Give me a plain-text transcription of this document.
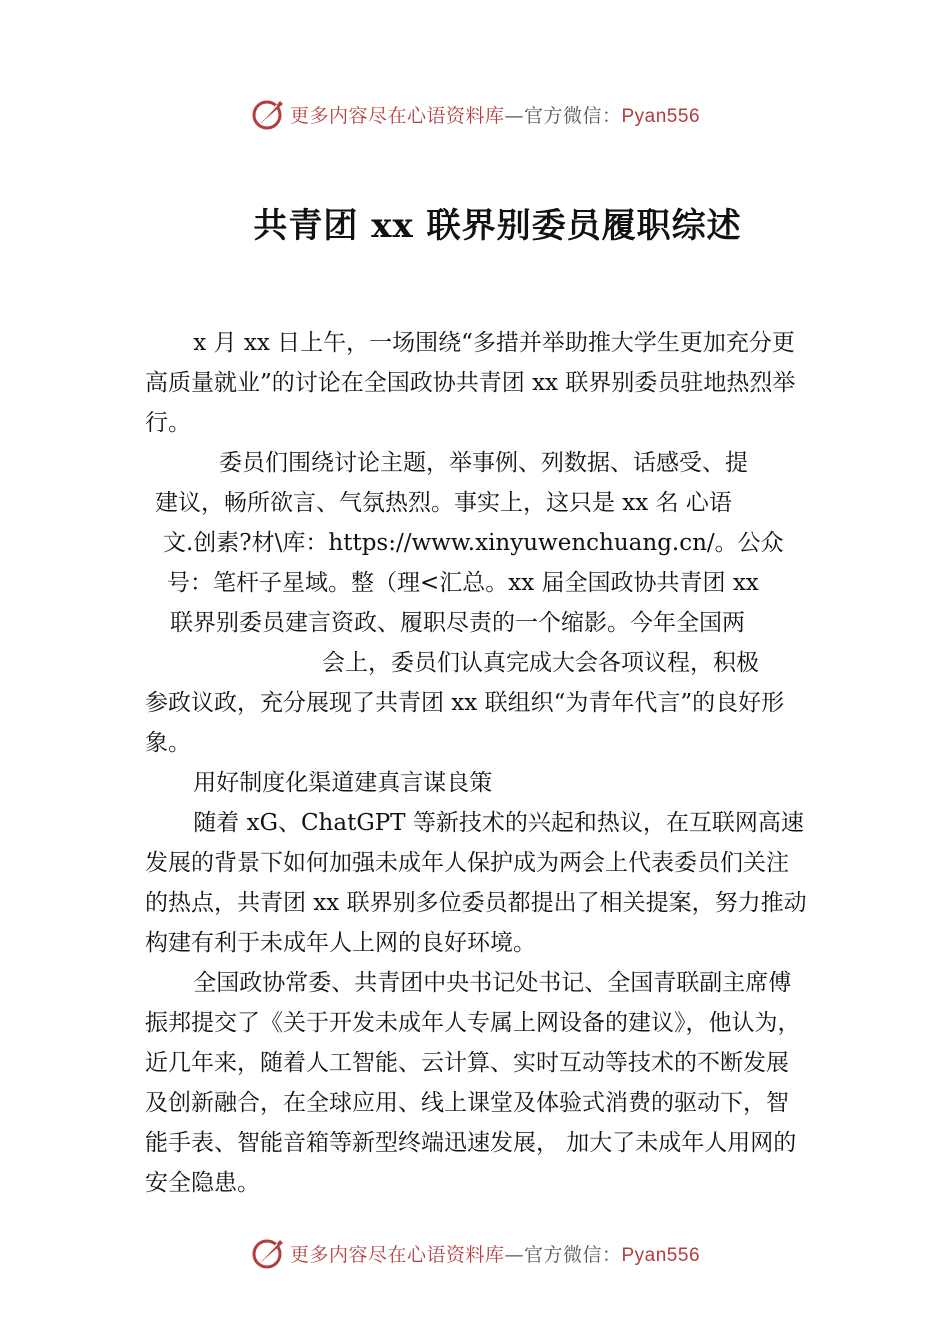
更多内容尽在心语资料库—官方微信：Pyan556
共青团 xx 联界别委员履职综述

x 月 xx 日上午，一场围绕“多措并举助推大学生更加充分更高质量就业”的讨论在全国政协共青团 xx 联界别委员驻地热烈举行。

委员们围绕讨论主题，举事例、列数据、话感受、提
建议，畅所欲言、气氛热烈。事实上，这只是 xx 名 心语
文.创素?材\库：https://www.xinyuwenchuang.cn/。公众
号：笔杆子星域。整（理<汇总。xx 届全国政协共青团 xx
联界别委员建言资政、履职尽责的一个缩影。今年全国两
会上，委员们认真完成大会各项议程，积极

参政议政，充分展现了共青团 xx 联组织“为青年代言”的良好形象。

用好制度化渠道建真言谋良策

随着 xG、ChatGPT 等新技术的兴起和热议，在互联网高速发展的背景下如何加强未成年人保护成为两会上代表委员们关注的热点，共青团 xx 联界别多位委员都提出了相关提案，努力推动构建有利于未成年人上网的良好环境。

全国政协常委、共青团中央书记处书记、全国青联副主席傅振邦提交了《关于开发未成年人专属上网设备的建议》，他认为，近几年来，随着人工智能、云计算、实时互动等技术的不断发展及创新融合，在全球应用、线上课堂及体验式消费的驱动下，智能手表、智能音箱等新型终端迅速发展， 加大了未成年人用网的安全隐患。

更多内容尽在心语资料库—官方微信：Pyan556
